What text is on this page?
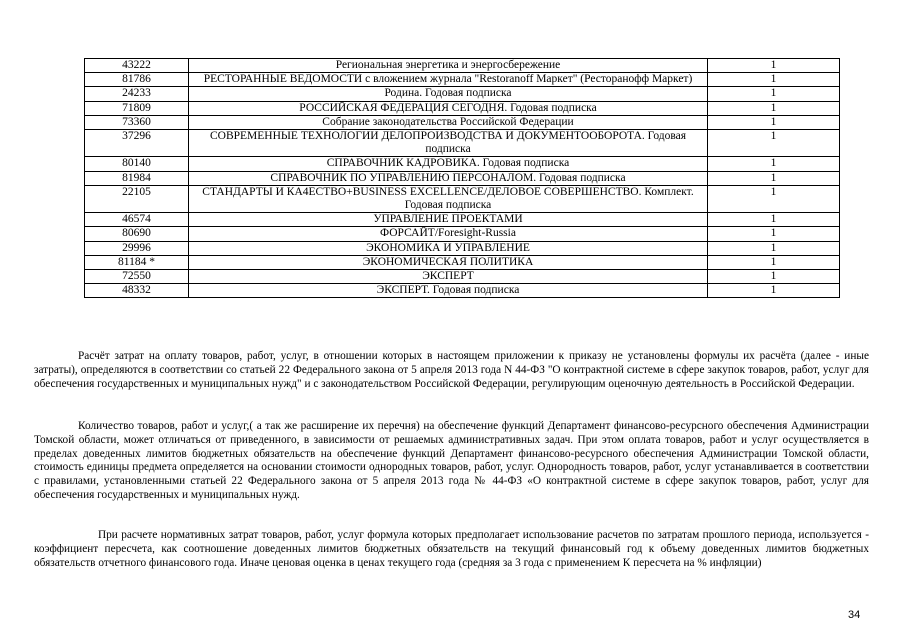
43222	Региональная энергетика и энергосбережение	1
81786	РЕСТОРАННЫЕ ВЕДОМОСТИ с вложением журнала "Restoranoff Маркет" (Ресторанофф Маркет)	1
24233	Родина. Годовая подписка	1
71809	РОССИЙСКАЯ ФЕДЕРАЦИЯ СЕГОДНЯ. Годовая подписка	1
73360	Собрание законодательства Российской Федерации	1
37296	СОВРЕМЕННЫЕ ТЕХНОЛОГИИ ДЕЛОПРОИЗВОДСТВА И ДОКУМЕНТООБОРОТА. Годовая подписка	1
80140	СПРАВОЧНИК КАДРОВИКА. Годовая подписка	1
81984	СПРАВОЧНИК ПО УПРАВЛЕНИЮ ПЕРСОНАЛОМ. Годовая подписка	1
22105	СТАНДАРТЫ И КА4ЕСТВО+BUSINESS EXCELLENCE/ДЕЛОВОЕ СОВЕРШЕНСТВО. Комплект. Годовая подписка	1
46574	УПРАВЛЕНИЕ ПРОЕКТАМИ	1
80690	ФОРСАЙТ/Foresight-Russia	1
29996	ЭКОНОМИКА И УПРАВЛЕНИЕ	1
81184 *	ЭКОНОМИЧЕСКАЯ ПОЛИТИКА	1
72550	ЭКСПЕРТ	1
48332	ЭКСПЕРТ. Годовая подписка	1

Расчёт затрат на оплату товаров, работ, услуг, в отношении которых в настоящем приложении к приказу не установлены формулы их расчёта (далее - иные затраты), определяются в соответствии со статьей 22 Федерального закона от 5 апреля 2013 года N 44-ФЗ "О контрактной системе в сфере закупок товаров, работ, услуг для обеспечения государственных и муниципальных нужд" и с законодательством Российской Федерации, регулирующим оценочную деятельность в Российской Федерации.

Количество товаров, работ и услуг,( а так же расширение их перечня) на обеспечение функций Департамент финансово-ресурсного обеспечения Администрации Томской области, может отличаться от приведенного, в зависимости от решаемых административных задач. При этом оплата товаров, работ и услуг осуществляется в пределах доведенных лимитов бюджетных обязательств на обеспечение функций Департамент финансово-ресурсного обеспечения Администрации Томской области, стоимость единицы предмета определяется на основании стоимости однородных товаров, работ, услуг. Однородность товаров, работ, услуг устанавливается в соответствии с правилами, установленными статьей 22 Федерального закона от 5 апреля 2013 года № 44-ФЗ «О контрактной системе в сфере закупок товаров, работ, услуг для обеспечения государственных и муниципальных нужд.

При расчете нормативных затрат товаров, работ, услуг формула которых предполагает использование расчетов по затратам прошлого периода, используется - коэффициент пересчета, как соотношение доведенных лимитов бюджетных обязательств на текущий финансовый год к объему доведенных лимитов бюджетных обязательств отчетного финансового года. Иначе ценовая оценка в ценах текущего года (средняя за 3 года с применением К пересчета на % инфляции)

34
